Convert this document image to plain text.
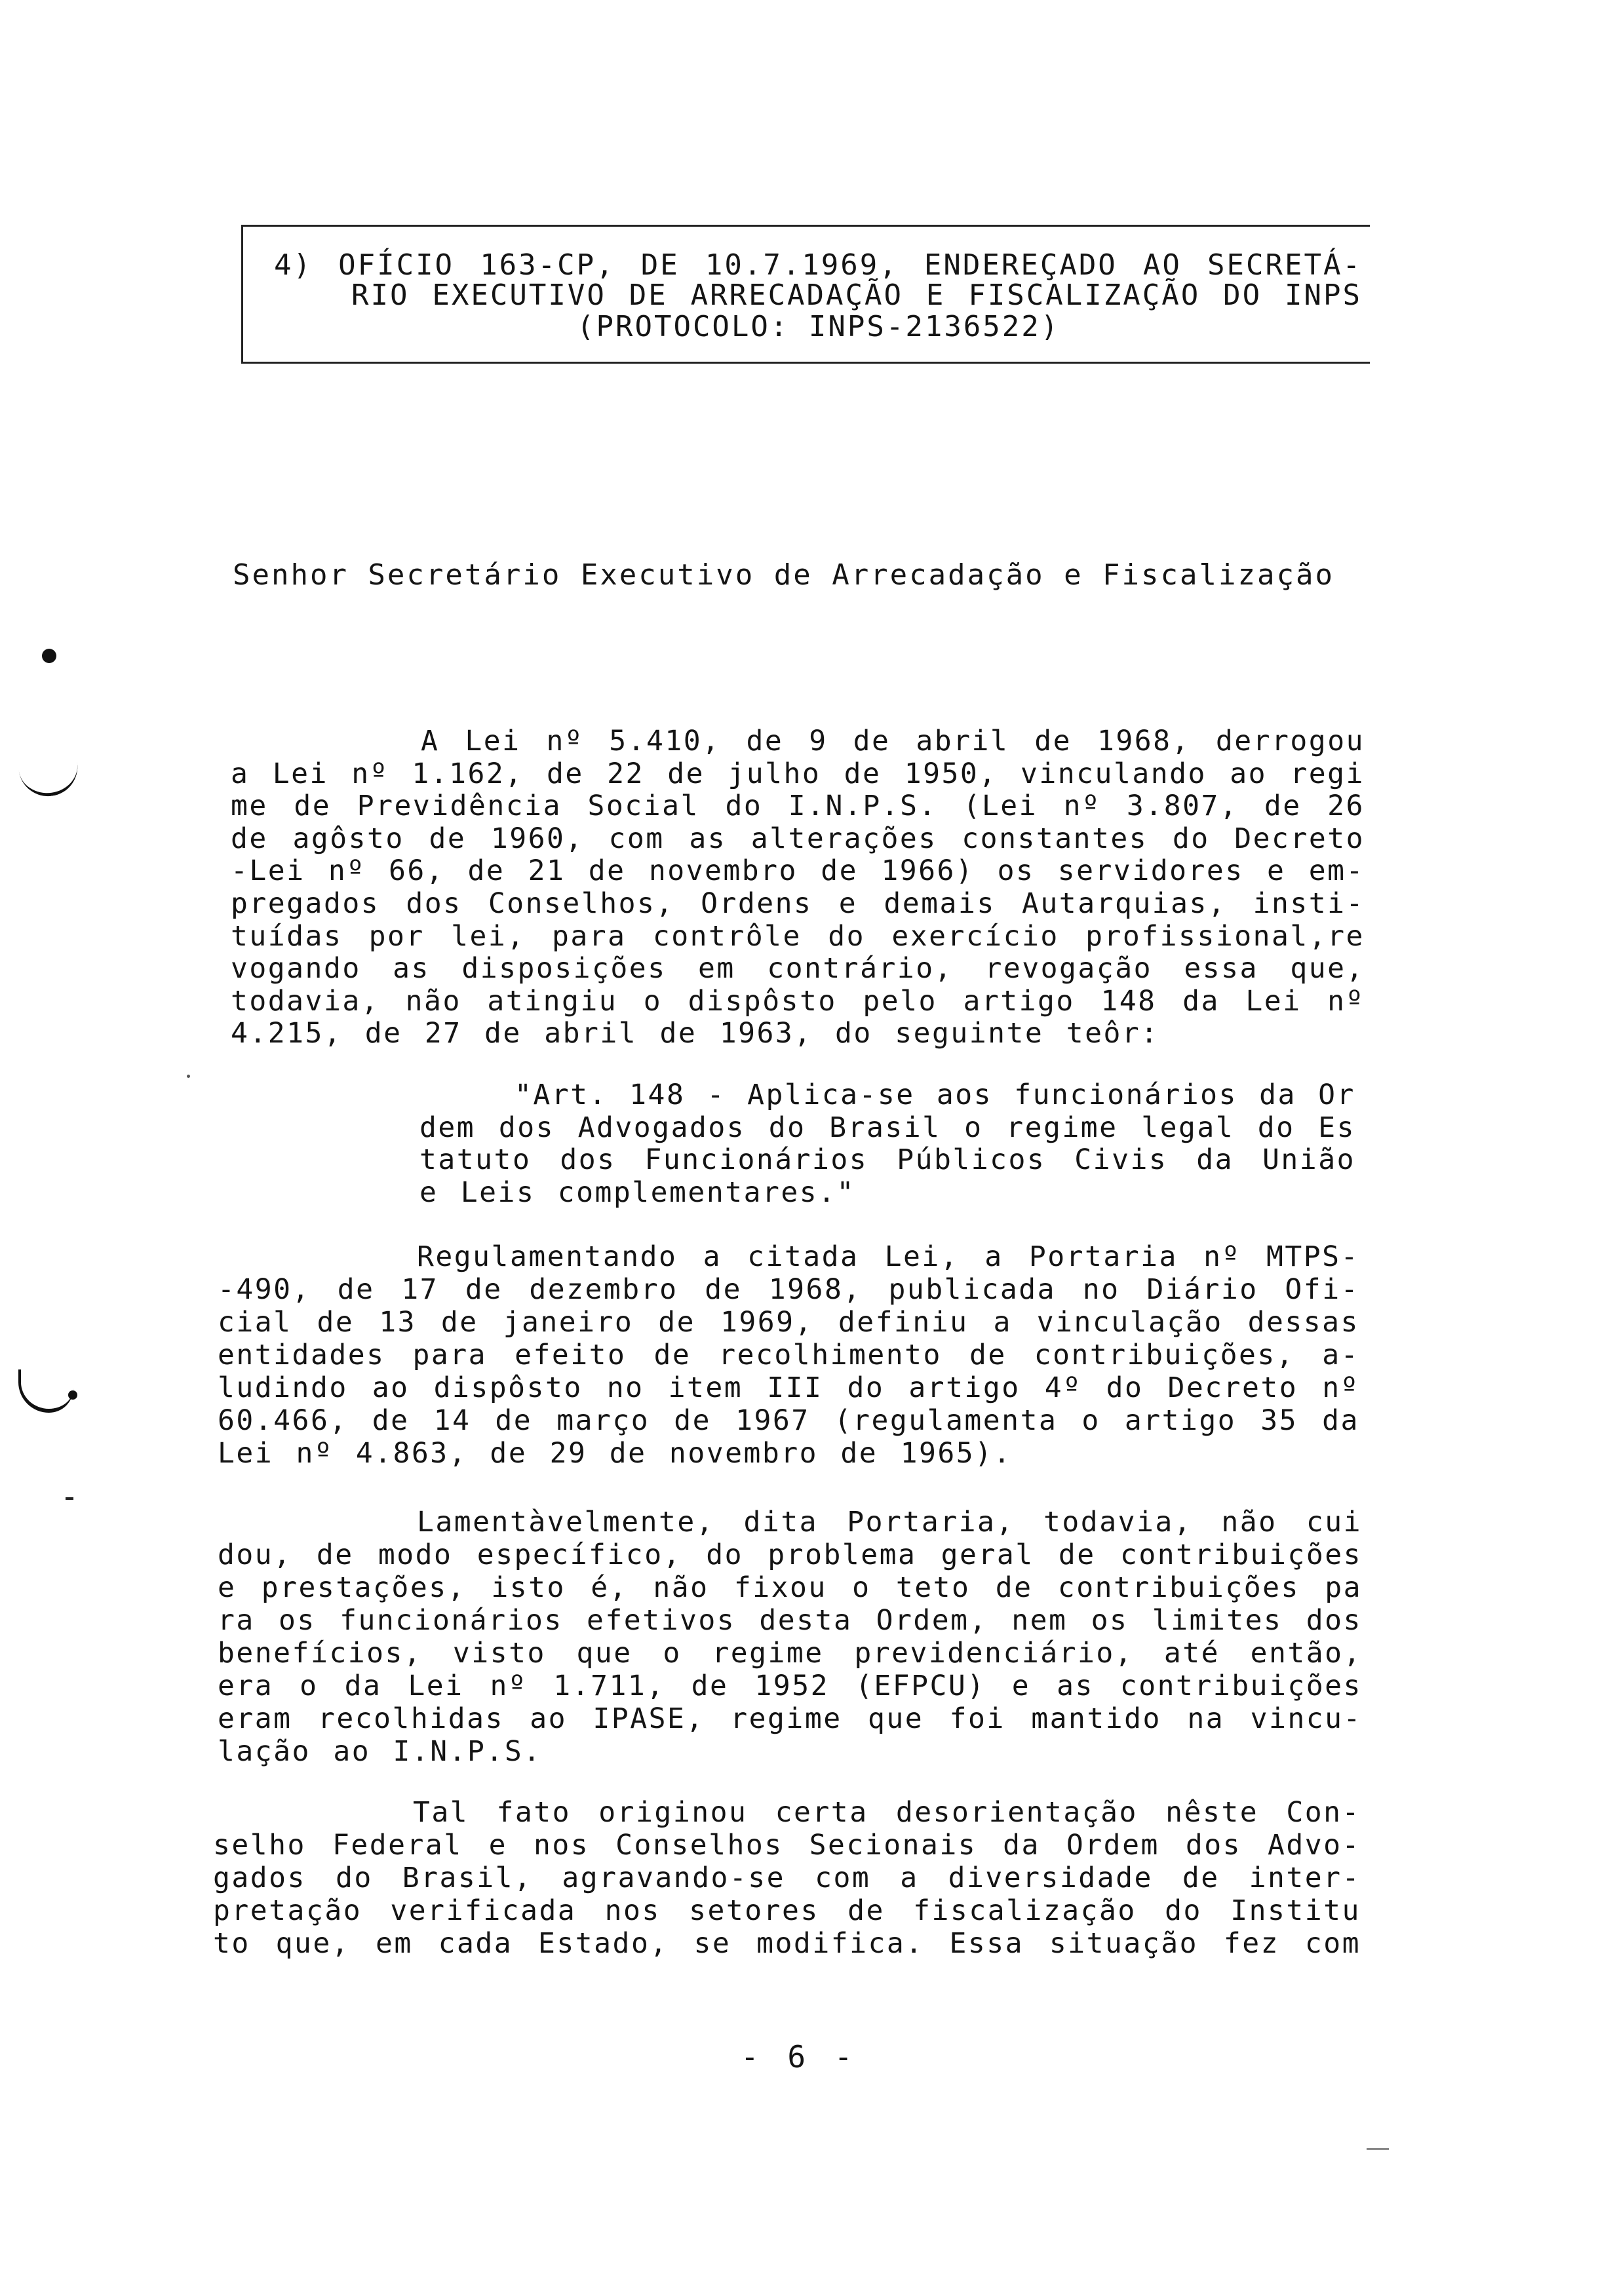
4) OFÍCIO 163-CP, DE 10.7.1969, ENDEREÇADO AO SECRETÁ-
RIO EXECUTIVO DE ARRECADAÇÃO E FISCALIZAÇÃO DO INPS
(PROTOCOLO: INPS-2136522)
Senhor Secretário Executivo de Arrecadação e Fiscalização
A Lei nº 5.410, de 9 de abril de 1968, derrogou
a Lei nº 1.162, de 22 de julho de 1950, vinculando ao regi
me de Previdência Social do I.N.P.S. (Lei nº 3.807, de 26
de agôsto de 1960, com as alterações constantes do Decreto
-Lei nº 66, de 21 de novembro de 1966) os servidores e em-
pregados dos Conselhos, Ordens e demais Autarquias, insti-
tuídas por lei, para contrôle do exercício profissional,re
vogando as disposições em contrário, revogação essa que,
todavia, não atingiu o dispôsto pelo artigo 148 da Lei nº
4.215, de 27 de abril de 1963, do seguinte teôr:
"Art. 148 - Aplica-se aos funcionários da Or
dem dos Advogados do Brasil o regime legal do Es
tatuto dos Funcionários Públicos Civis da União
e Leis complementares."
Regulamentando a citada Lei, a Portaria nº MTPS-
-490, de 17 de dezembro de 1968, publicada no Diário Ofi-
cial de 13 de janeiro de 1969, definiu a vinculação dessas
entidades para efeito de recolhimento de contribuições, a-
ludindo ao dispôsto no item III do artigo 4º do Decreto nº
60.466, de 14 de março de 1967 (regulamenta o artigo 35 da
Lei nº 4.863, de 29 de novembro de 1965).
Lamentàvelmente, dita Portaria, todavia, não cui
dou, de modo específico, do problema geral de contribuições
e prestações, isto é, não fixou o teto de contribuições pa
ra os funcionários efetivos desta Ordem, nem os limites dos
benefícios, visto que o regime previdenciário, até então,
era o da Lei nº 1.711, de 1952 (EFPCU) e as contribuições
eram recolhidas ao IPASE, regime que foi mantido na vincu-
lação ao I.N.P.S.
Tal fato originou certa desorientação nêste Con-
selho Federal e nos Conselhos Secionais da Ordem dos Advo-
gados do Brasil, agravando-se com a diversidade de inter-
pretação verificada nos setores de fiscalização do Institu
to que, em cada Estado, se modifica. Essa situação fez com
- 6 -
